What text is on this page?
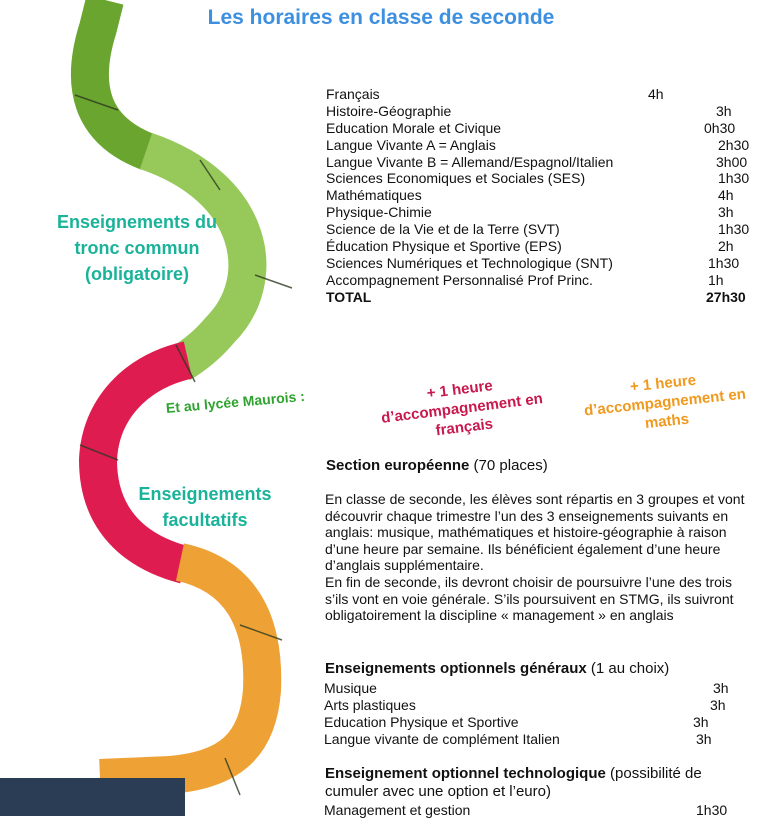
Les horaires en classe de seconde
Enseignements du tronc commun (obligatoire)
Enseignements facultatifs
Et au lycée Maurois :	+ 1 heure d’accompagnement en français
+ 1 heure d’accompagnement en maths
Français	4h
Histoire-Géographie	3h
Education Morale et Civique	0h30
Langue Vivante A = Anglais	2h30
Langue Vivante B = Allemand/Espagnol/Italien	3h00
Sciences Economiques et Sociales (SES)	1h30
Mathématiques	4h
Physique-Chimie	3h
Science de la Vie et de la Terre (SVT)	1h30
Éducation Physique et Sportive (EPS)	2h
Sciences Numériques et Technologique (SNT)	1h30
Accompagnement Personnalisé Prof Princ.	1h
TOTAL	27h30
Section européenne (70 places)
En classe de seconde, les élèves sont répartis en 3 groupes et vont découvrir chaque trimestre l’un des 3 enseignements suivants en anglais: musique, mathématiques et histoire-géographie à raison d’une heure par semaine. Ils bénéficient également d’une heure d’anglais supplémentaire.
En fin de seconde, ils devront choisir de poursuivre l’une des trois s’ils vont en voie générale. S’ils poursuivent en STMG, ils suivront obligatoirement la discipline « management » en anglais
Enseignements optionnels généraux (1 au choix)
Musique	3h
Arts plastiques	3h
Education Physique et Sportive	3h
Langue vivante de complément Italien	3h
Enseignement optionnel technologique (possibilité de cumuler avec une option et l’euro)
Management et gestion	1h30
